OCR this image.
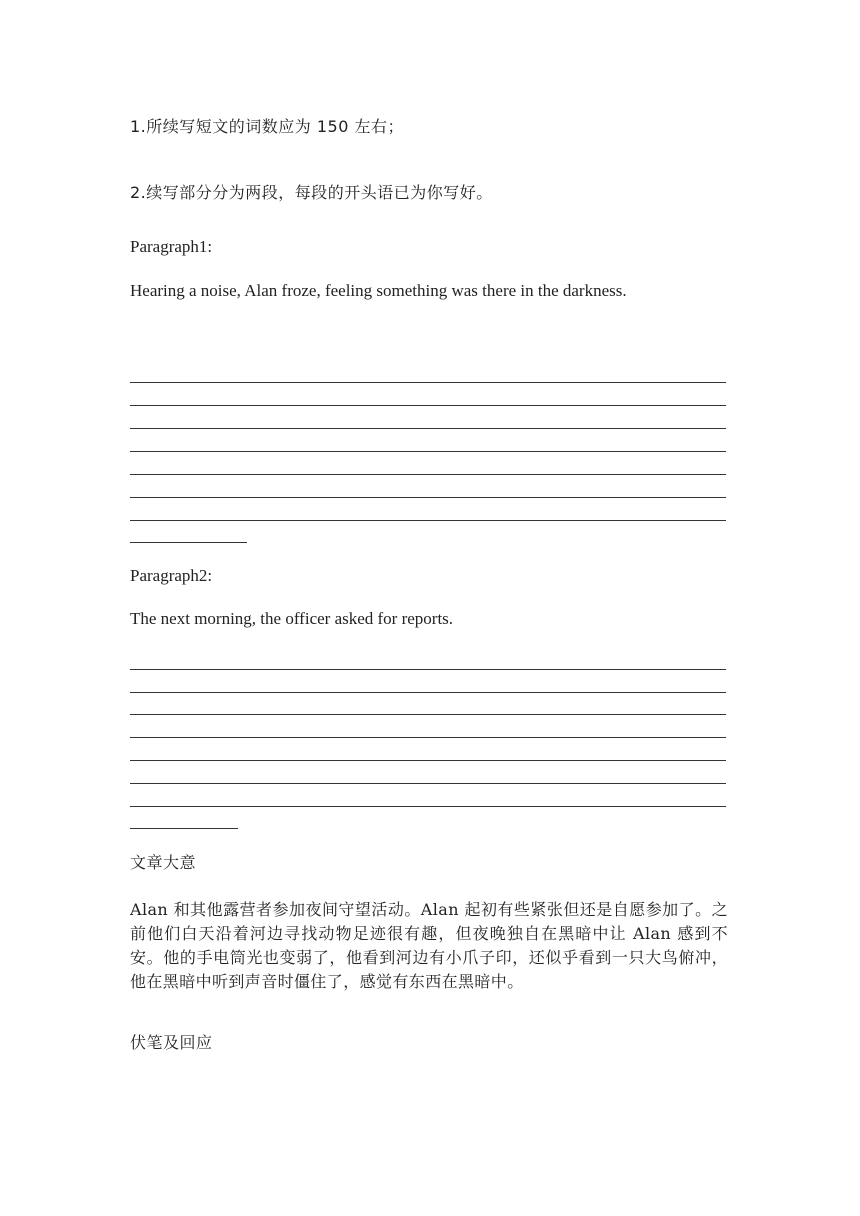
1.所续写短文的词数应为 150 左右；
2.续写部分分为两段，每段的开头语已为你写好。
Paragraph1:
Hearing a noise, Alan froze, feeling something was there in the darkness.
Paragraph2:
The next morning, the officer asked for reports.
文章大意
Alan 和其他露营者参加夜间守望活动。Alan 起初有些紧张但还是自愿参加了。之前他们白天沿着河边寻找动物足迹很有趣，但夜晚独自在黑暗中让 Alan 感到不安。他的手电筒光也变弱了，他看到河边有小爪子印，还似乎看到一只大鸟俯冲，他在黑暗中听到声音时僵住了，感觉有东西在黑暗中。
伏笔及回应
